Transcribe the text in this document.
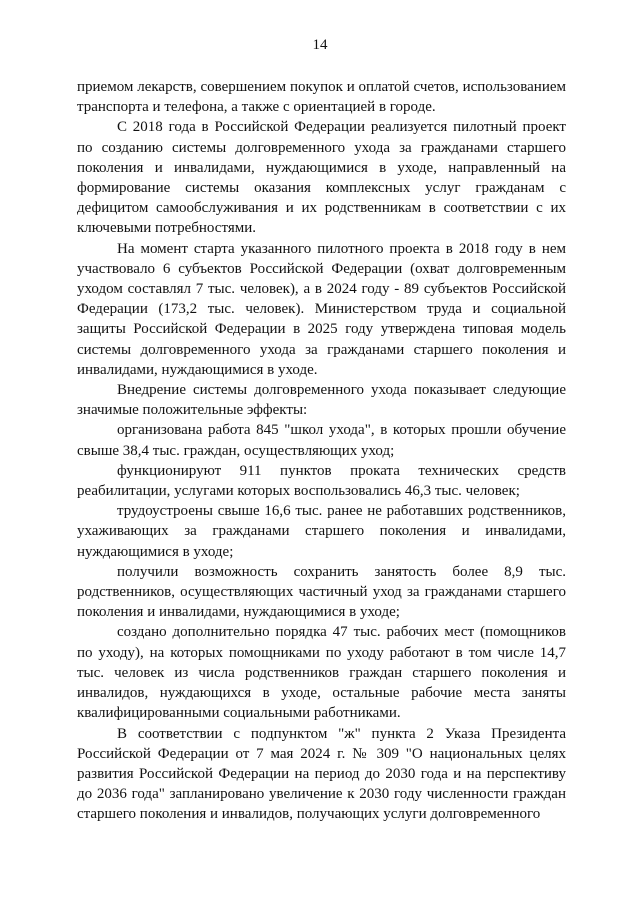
14

приемом лекарств, совершением покупок и оплатой счетов, использованием транспорта и телефона, а также с ориентацией в городе.

С 2018 года в Российской Федерации реализуется пилотный проект по созданию системы долговременного ухода за гражданами старшего поколения и инвалидами, нуждающимися в уходе, направленный на формирование системы оказания комплексных услуг гражданам с дефицитом самообслуживания и их родственникам в соответствии с их ключевыми потребностями.

На момент старта указанного пилотного проекта в 2018 году в нем участвовало 6 субъектов Российской Федерации (охват долговременным уходом составлял 7 тыс. человек), а в 2024 году - 89 субъектов Российской Федерации (173,2 тыс. человек). Министерством труда и социальной защиты Российской Федерации в 2025 году утверждена типовая модель системы долговременного ухода за гражданами старшего поколения и инвалидами, нуждающимися в уходе.

Внедрение системы долговременного ухода показывает следующие значимые положительные эффекты:

организована работа 845 "школ ухода", в которых прошли обучение свыше 38,4 тыс. граждан, осуществляющих уход;

функционируют 911 пунктов проката технических средств реабилитации, услугами которых воспользовались 46,3 тыс. человек;

трудоустроены свыше 16,6 тыс. ранее не работавших родственников, ухаживающих за гражданами старшего поколения и инвалидами, нуждающимися в уходе;

получили возможность сохранить занятость более 8,9 тыс. родственников, осуществляющих частичный уход за гражданами старшего поколения и инвалидами, нуждающимися в уходе;

создано дополнительно порядка 47 тыс. рабочих мест (помощников по уходу), на которых помощниками по уходу работают в том числе 14,7 тыс. человек из числа родственников граждан старшего поколения и инвалидов, нуждающихся в уходе, остальные рабочие места заняты квалифицированными социальными работниками.

В соответствии с подпунктом "ж" пункта 2 Указа Президента Российской Федерации от 7 мая 2024 г. № 309 "О национальных целях развития Российской Федерации на период до 2030 года и на перспективу до 2036 года" запланировано увеличение к 2030 году численности граждан старшего поколения и инвалидов, получающих услуги долговременного
